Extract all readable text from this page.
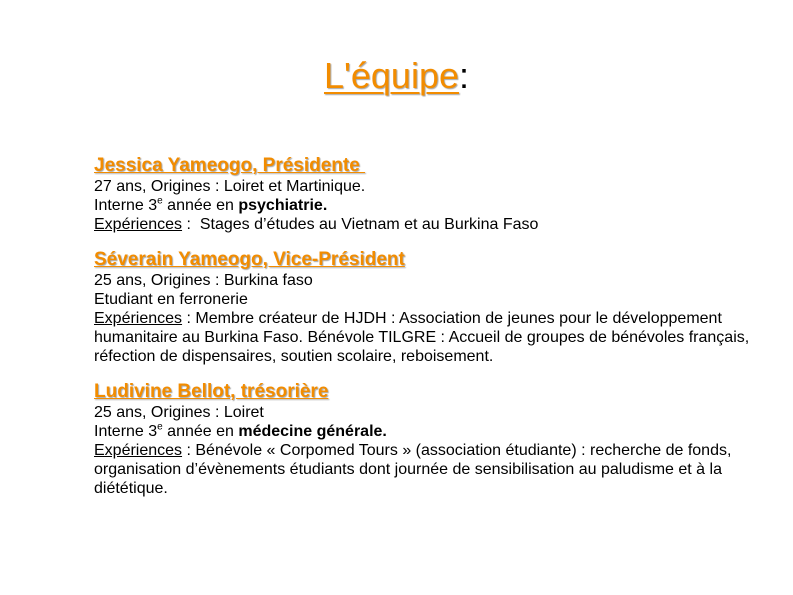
L'équipe:
Jessica Yameogo, Présidente
27 ans, Origines : Loiret et Martinique.
Interne 3e année en psychiatrie.
Expériences :  Stages d’études au Vietnam et au Burkina Faso
Séverain Yameogo, Vice-Président
25 ans, Origines : Burkina faso
Etudiant en ferronerie
Expériences : Membre créateur de HJDH : Association de jeunes pour le développement humanitaire au Burkina Faso. Bénévole TILGRE : Accueil de groupes de bénévoles français, réfection de dispensaires, soutien scolaire, reboisement.
Ludivine Bellot, trésorière
25 ans, Origines : Loiret
Interne 3e année en médecine générale.
Expériences : Bénévole « Corpomed Tours » (association étudiante) : recherche de fonds, organisation d’évènements étudiants dont journée de sensibilisation au paludisme et à la diététique.
